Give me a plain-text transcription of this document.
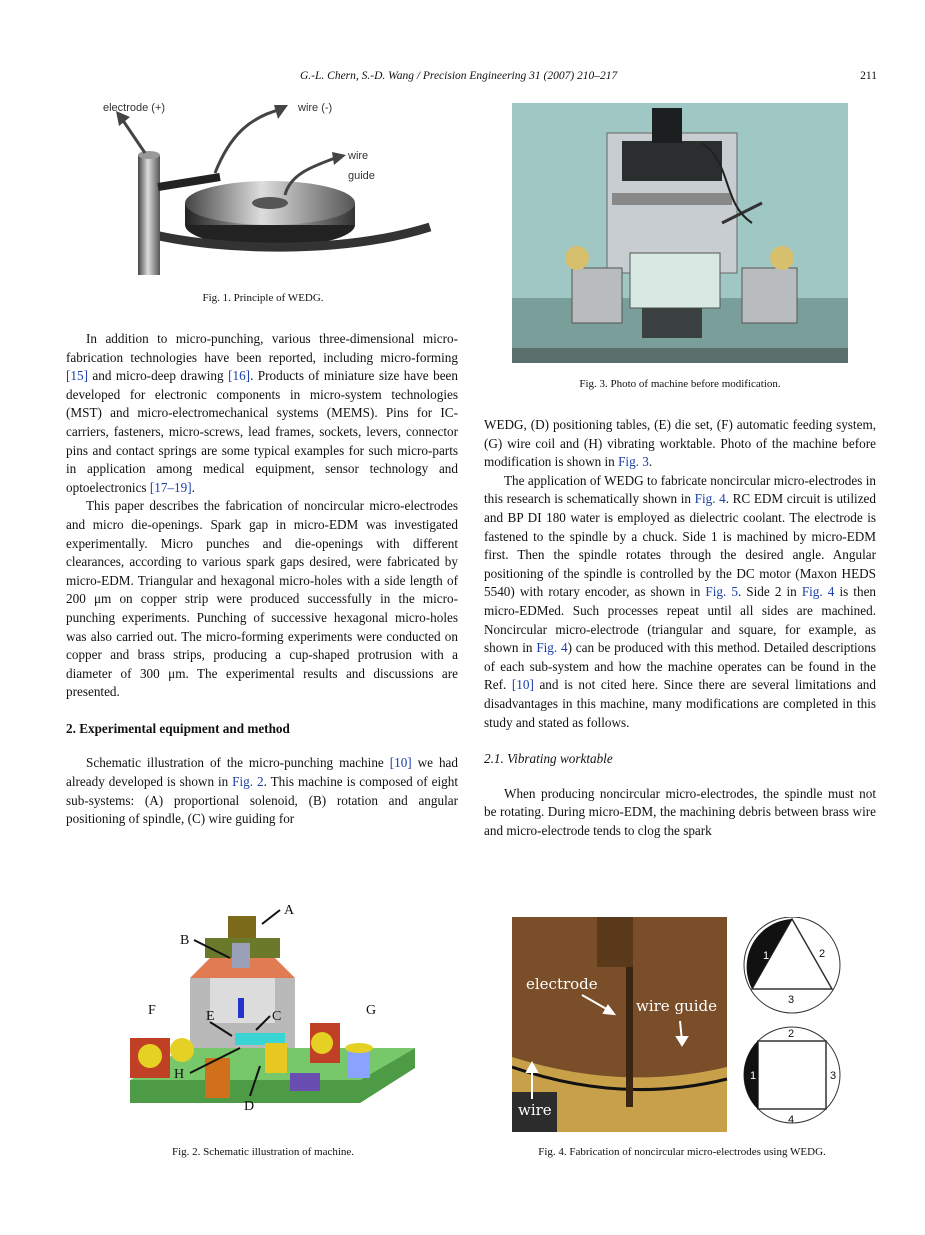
G.-L. Chern, S.-D. Wang / Precision Engineering 31 (2007) 210–217	211
electrode (+)	wire (-)
wire
guide
Fig. 1. Principle of WEDG.
Fig. 3. Photo of machine before modification.

In addition to micro-punching, various three-dimensional micro-fabrication technologies have been reported, including micro-forming [15] and micro-deep drawing [16]. Products of miniature size have been developed for electronic components in micro-system technologies (MST) and micro-electromechanical systems (MEMS). Pins for IC-carriers, fasteners, micro-screws, lead frames, sockets, levers, connector pins and contact springs are some typical examples for such micro-parts in application among medical equipment, sensor technology and optoelectronics [17–19].

This paper describes the fabrication of noncircular micro-electrodes and micro die-openings. Spark gap in micro-EDM was investigated experimentally. Micro punches and die-openings with different clearances, according to various spark gaps desired, were fabricated by micro-EDM. Triangular and hexagonal micro-holes with a side length of 200 μm on copper strip were produced successfully in the micro-punching experiments. Punching of successive hexagonal micro-holes was also carried out. The micro-forming experiments were conducted on copper and brass strips, producing a cup-shaped protrusion with a diameter of 300 μm. The experimental results and discussions are presented.

2. Experimental equipment and method

Schematic illustration of the micro-punching machine [10] we had already developed is shown in Fig. 2. This machine is composed of eight sub-systems: (A) proportional solenoid, (B) rotation and angular positioning of spindle, (C) wire guiding for

WEDG, (D) positioning tables, (E) die set, (F) automatic feeding system, (G) wire coil and (H) vibrating worktable. Photo of the machine before modification is shown in Fig. 3.

The application of WEDG to fabricate noncircular micro-electrodes in this research is schematically shown in Fig. 4. RC EDM circuit is utilized and BP DI 180 water is employed as dielectric coolant. The electrode is fastened to the spindle by a chuck. Side 1 is machined by micro-EDM first. Then the spindle rotates through the desired angle. Angular positioning of the spindle is controlled by the DC motor (Maxon HEDS 5540) with rotary encoder, as shown in Fig. 5. Side 2 in Fig. 4 is then micro-EDMed. Such processes repeat until all sides are machined. Noncircular micro-electrode (triangular and square, for example, as shown in Fig. 4) can be produced with this method. Detailed descriptions of each sub-system and how the machine operates can be found in the Ref. [10] and is not cited here. Since there are several limitations and disadvantages in this machine, many modifications are completed in this study and stated as follows.

2.1. Vibrating worktable

When producing noncircular micro-electrodes, the spindle must not be rotating. During micro-EDM, the machining debris between brass wire and micro-electrode tends to clog the spark

A
B
C
D
E
F	G
H
Fig. 2. Schematic illustration of machine.
electrode
wire guide
wire
1	2
3
1
2
3
4
Fig. 4. Fabrication of noncircular micro-electrodes using WEDG.
